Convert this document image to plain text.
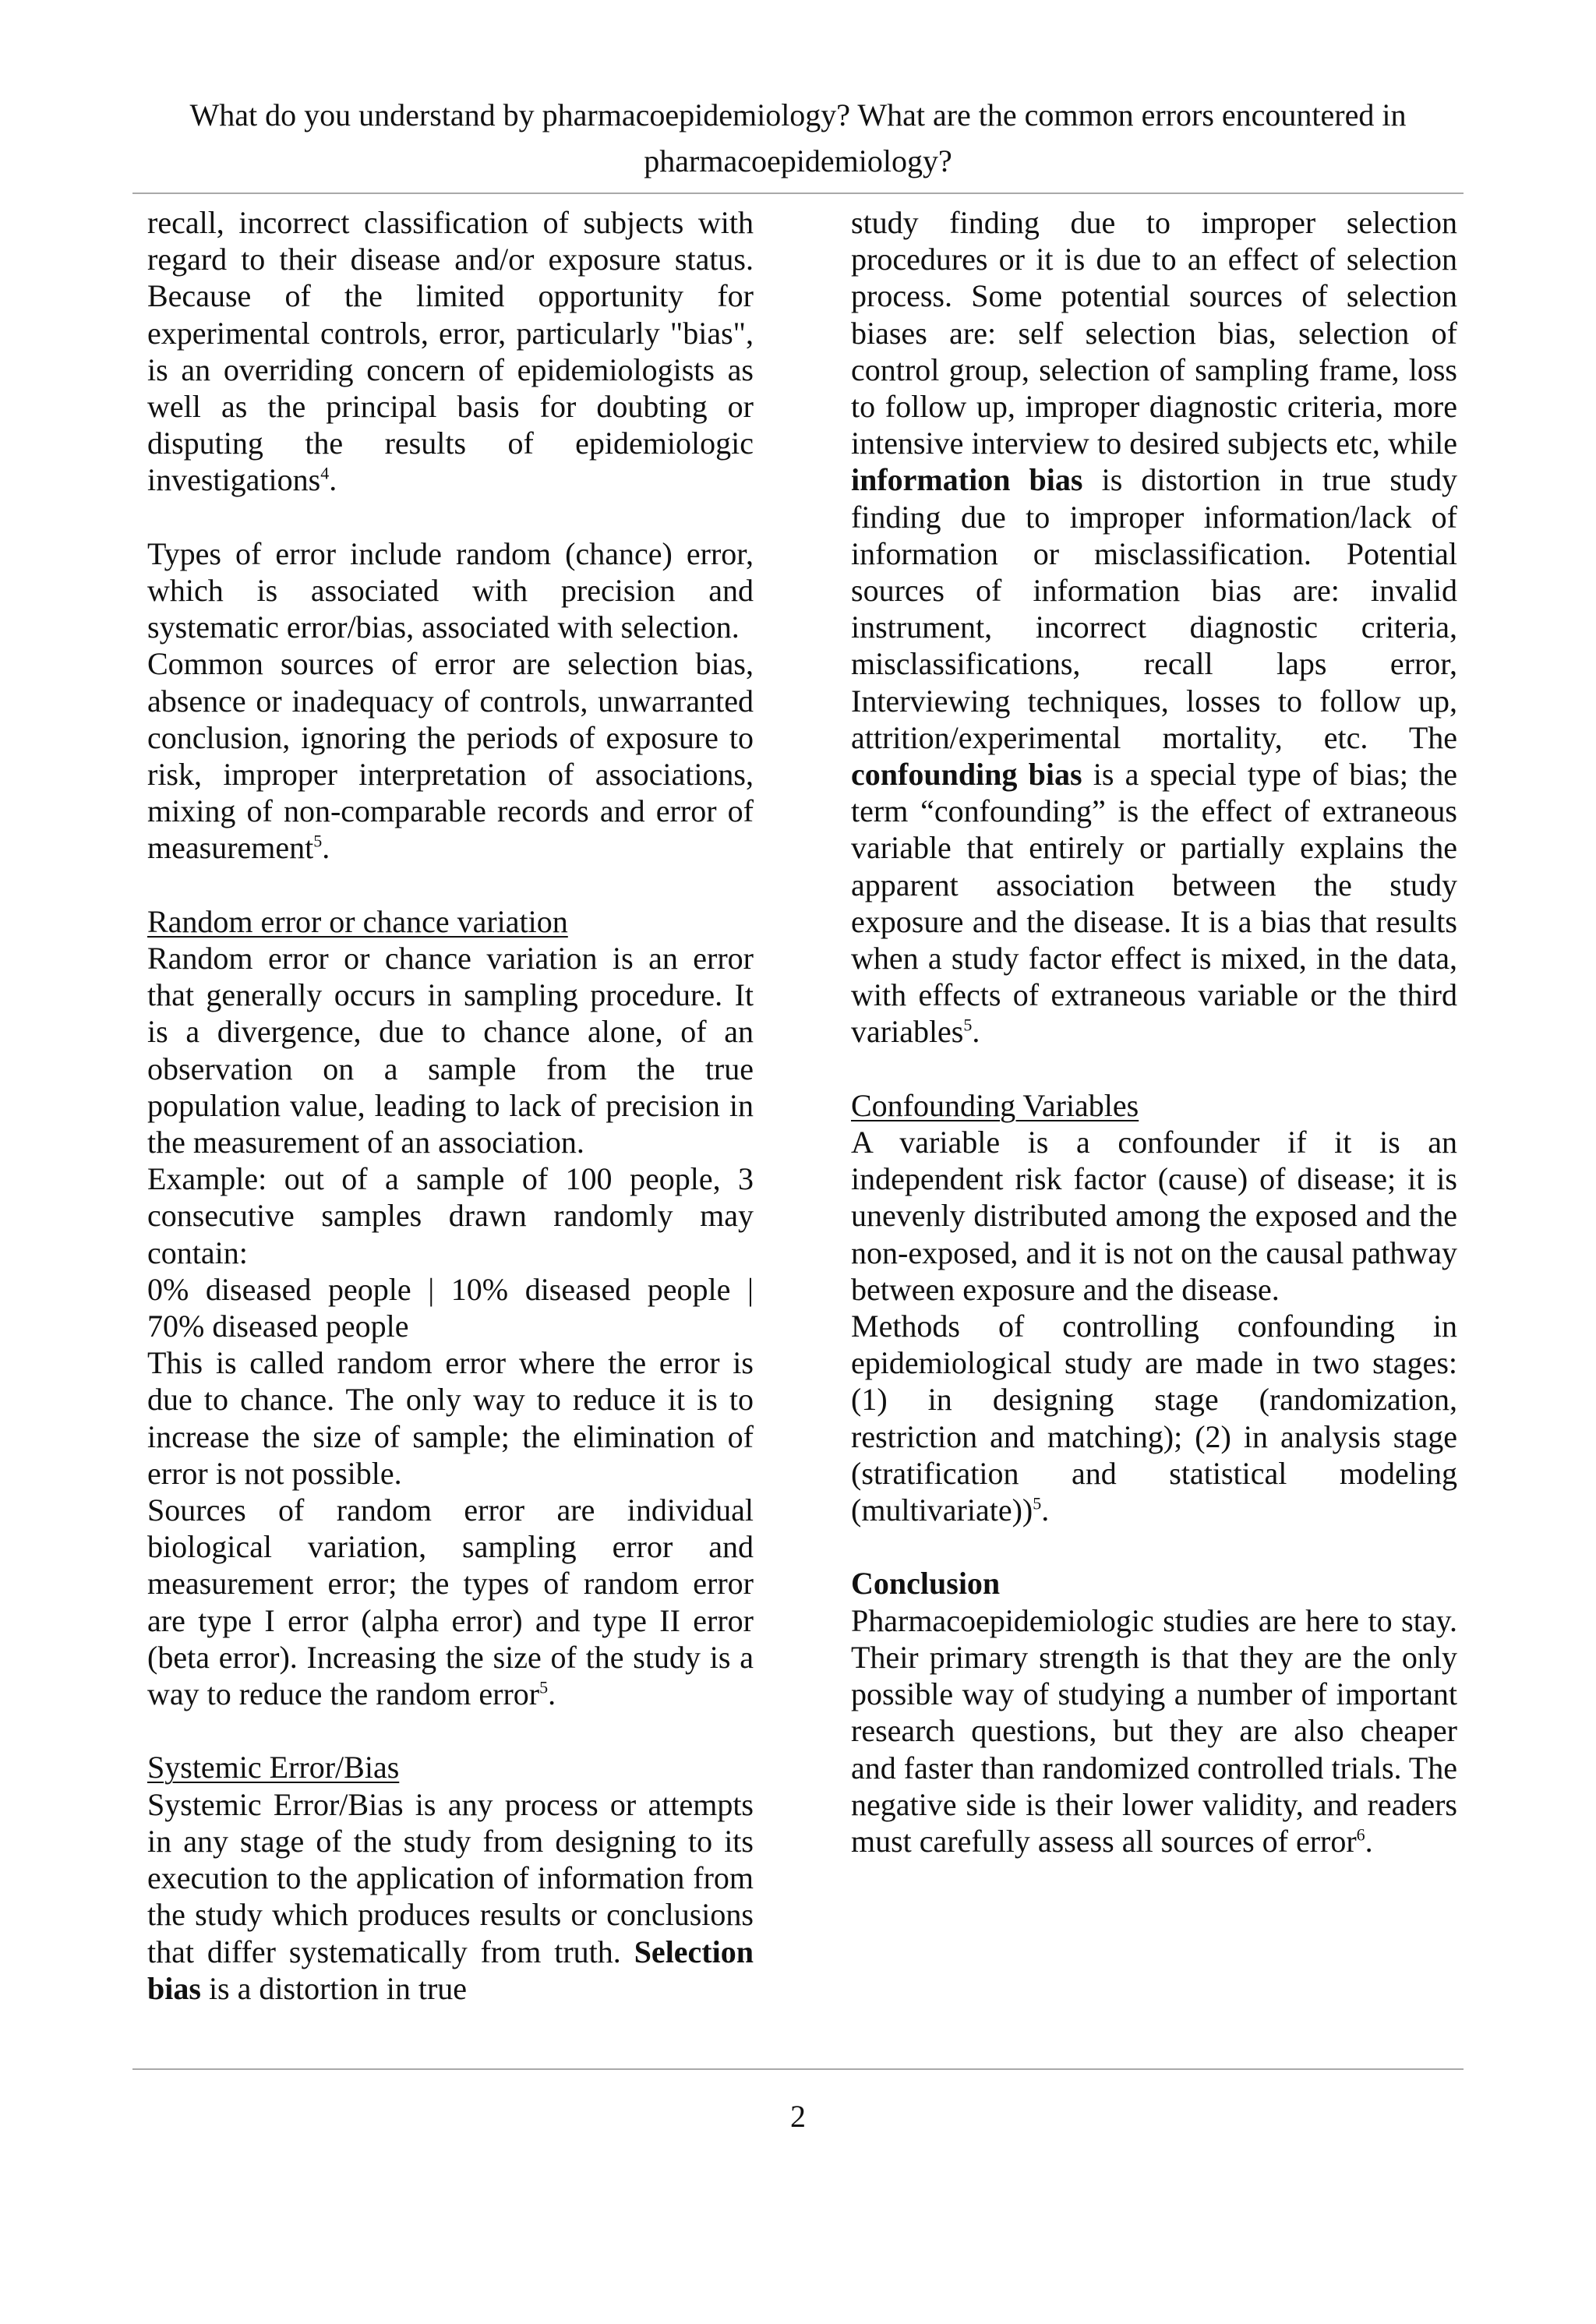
What do you understand by pharmacoepidemiology? What are the common errors encountered in pharmacoepidemiology?

recall, incorrect classification of subjects with regard to their disease and/or exposure status. Because of the limited opportunity for experimental controls, error, particularly "bias", is an overriding concern of epidemiologists as well as the principal basis for doubting or disputing the results of epidemiologic investigations$^4$.

Types of error include random (chance) error, which is associated with precision and systematic error/bias, associated with selection.

Common sources of error are selection bias, absence or inadequacy of controls, unwarranted conclusion, ignoring the periods of exposure to risk, improper interpretation of associations, mixing of non-comparable records and error of measurement$^5$.

Random error or chance variation

Random error or chance variation is an error that generally occurs in sampling procedure. It is a divergence, due to chance alone, of an observation on a sample from the true population value, leading to lack of precision in the measurement of an association.

Example: out of a sample of 100 people, 3 consecutive samples drawn randomly may contain:

0% diseased people | 10% diseased people | 70% diseased people

This is called random error where the error is due to chance. The only way to reduce it is to increase the size of sample; the elimination of error is not possible.

Sources of random error are individual biological variation, sampling error and measurement error; the types of random error are type I error (alpha error) and type II error (beta error). Increasing the size of the study is a way to reduce the random error$^5$.

Systemic Error/Bias

Systemic Error/Bias is any process or attempts in any stage of the study from designing to its execution to the application of information from the study which produces results or conclusions that differ systematically from truth. Selection bias is a distortion in true

study finding due to improper selection procedures or it is due to an effect of selection process. Some potential sources of selection biases are: self selection bias, selection of control group, selection of sampling frame, loss to follow up, improper diagnostic criteria, more intensive interview to desired subjects etc, while information bias is distortion in true study finding due to improper information/lack of information or misclassification. Potential sources of information bias are: invalid instrument, incorrect diagnostic criteria, misclassifications, recall laps error, Interviewing techniques, losses to follow up, attrition/experimental mortality, etc. The confounding bias is a special type of bias; the term “confounding” is the effect of extraneous variable that entirely or partially explains the apparent association between the study exposure and the disease. It is a bias that results when a study factor effect is mixed, in the data, with effects of extraneous variable or the third variables$^5$.

Confounding Variables

A variable is a confounder if it is an independent risk factor (cause) of disease; it is unevenly distributed among the exposed and the non-exposed, and it is not on the causal pathway between exposure and the disease.

Methods of controlling confounding in epidemiological study are made in two stages: (1) in designing stage (randomization, restriction and matching); (2) in analysis stage (stratification and statistical modeling (multivariate))$^5$.

Conclusion

Pharmacoepidemiologic studies are here to stay. Their primary strength is that they are the only possible way of studying a number of important research questions, but they are also cheaper and faster than randomized controlled trials. The negative side is their lower validity, and readers must carefully assess all sources of error$^6$.

2
